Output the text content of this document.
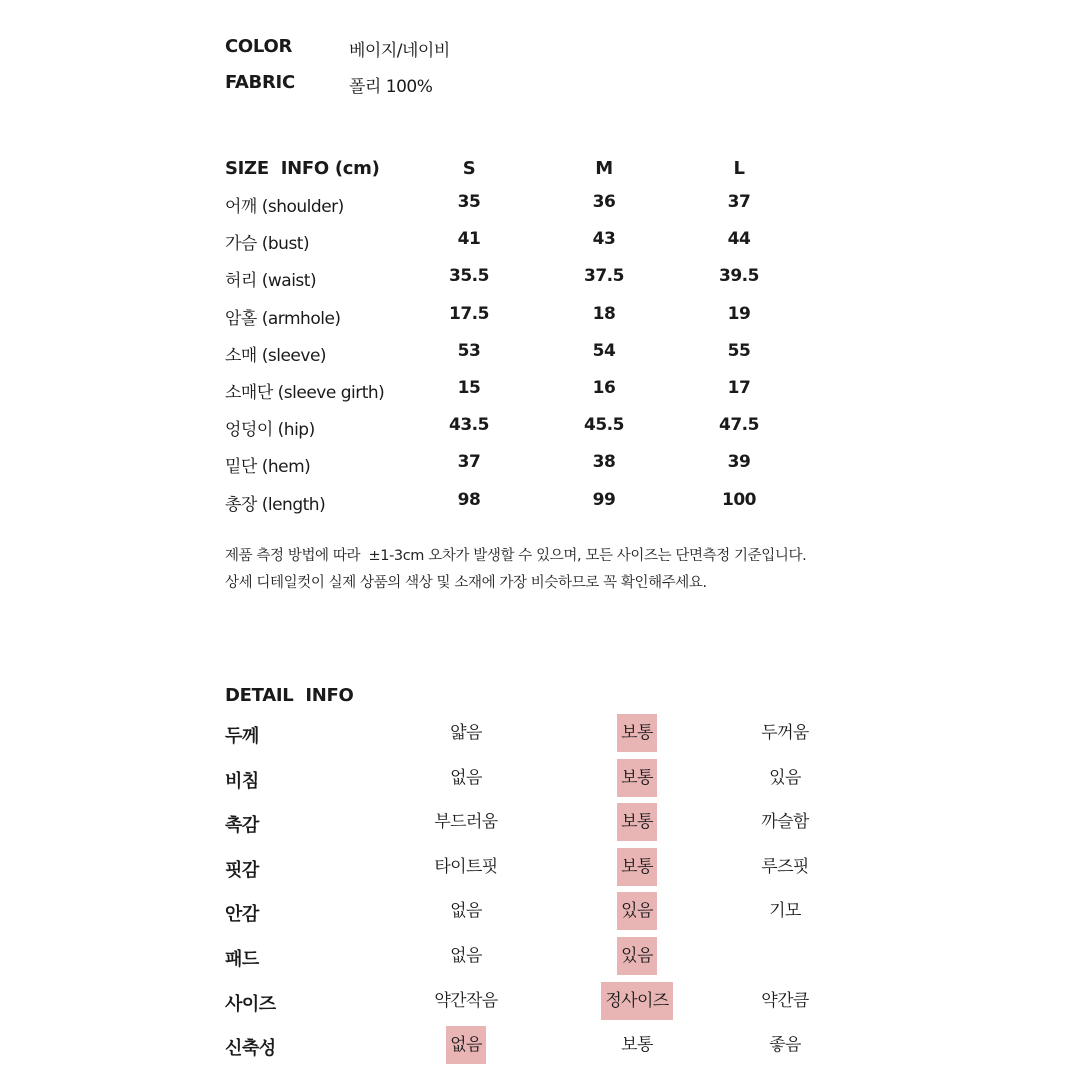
COLOR	베이지/네이비
FABRIC	폴리 100%
SIZE  INFO (cm)	S	M	L
어깨 (shoulder)	35	36	37
가슴 (bust)	41	43	44
허리 (waist)	35.5	37.5	39.5
암홀 (armhole)	17.5	18	19
소매 (sleeve)	53	54	55
소매단 (sleeve girth)	15	16	17
엉덩이 (hip)	43.5	45.5	47.5
밑단 (hem)	37	38	39
총장 (length)	98	99	100
제품 측정 방법에 따라  ±1-3cm 오차가 발생할 수 있으며, 모든 사이즈는 단면측정 기준입니다.
상세 디테일컷이 실제 상품의 색상 및 소재에 가장 비슷하므로 꼭 확인해주세요.
DETAIL  INFO
두께	얇음	보통	두꺼움
비침	없음	보통	있음
촉감	부드러움	보통	까슬함
핏감	타이트핏	보통	루즈핏
안감	없음	있음	기모
패드	없음	있음
사이즈	약간작음	정사이즈	약간큼
신축성	없음	보통	좋음
